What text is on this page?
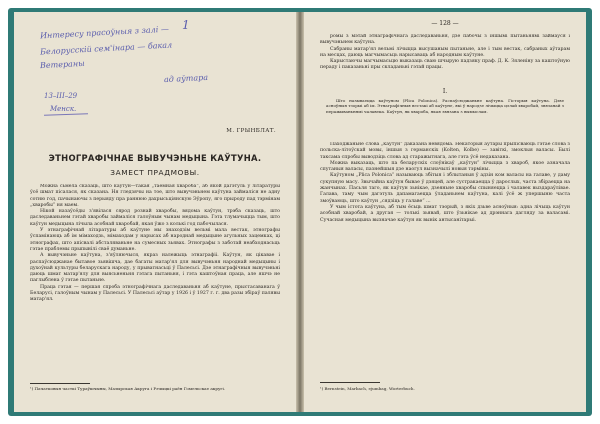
1
Интересу прасоўныя з залі —
Белорусскій сем'інара — бакал
Ветераны
ад аўтара
13–III–29
Менск.
М. ГРЫНБЛАТ.
ЭТНОГРАФІЧНАЕ ВЫВУЧЭНЬНЕ КАЎТУНА.
ЗАМЕСТ ПРАДМОВЫ.

Можна сьмела сказаць, што каўтун—такая „таёмная хвароба“, аб якой дагэтуль у літаратуры ўсё шмат пісалася, як сказана. Ня гледзячы на тое, што вывучэньнем каўтуна займаліся не адну сотню год, пачынаючы з перыяду пра раннюю дахрысьціянскую Эўропу, яго прыроду пад тэрмінам „хваробы“ ня маем.

Нікой назаўсёды з'явілася сярод рознай хваробы, вядома каўтун, трэба сказаць, што даследаваньнем гэтай хваробы займаліся галоўным чынам медыцына. Гэта тлумачыцца тым, што каўтун медыцына лічыла асобнай хваробай, якая ўжо з колькі год пабочылася.

У этнаграфічнай літаратуры аб каўтуне мы знаходзім вельмі мала вестак, этнографы ўспамінаюць аб ім мімаходзь, мімаходам у нарысах аб народнай медыцыне агульных зацемках, ці этнографах, што апісвалі абсталяваньне на сумесных зьявах. Этнографы з заботай неабходнасьць гэтае праблемы прыпынілі сваё думаньне.

А вывучэньне каўтуна, з'яўляючыся, якраз належыць этнаграфіі. Каўтун, як цікавае і распаўсюджанае бытавое зьявішча, дае багаты матар'ял для вывучэньня народнай медыцыны і духоўнай культуры беларускага народу, у прыватнасьці ў Палесьсі. Дзе этнаграфічныя вывучэньні даюць шмат матар'ялу для выясьненьня гэтага пытаньня, і гэта каштоўная праца, але яшчэ не паглыблена ў гэтае пытаньне.

Праца гэтая — першая спроба этнографічнага даследаваньня аб каўтуне, прыстасаванага ў Беларусі, галоўным чынам у Палесьсі. У Палесьсі аўтар у 1926 і ў 1927 г. г. два разы збіраў палявы матар'ял.

¹) Пачатковыя часткі Тураўшчыны, Мазырская Акруга і Рэчыцкі раён Гомельскае акругі.
— 128 —

ромы з мэтай этнаграфічнага даследаваньня, дзе пабочы з іншымі пытаньнямі займаўся і вывучэньнем каўтуна.

Сабраны матар'ял вельмі лічыцца высушаным пытаньне, але і тым вестак, сабраных аўтарам на месцах, даюць магчымасьць нарысаваць аб народным каўтуне.

Карыстаючы магчымасьцю выказаць сваю шчырую падзяку праф. Д. К. Зяленіну за каштоўную пераду і паказаньні пры складаньні гэтай працы.

I.

Што называецца каўтуном (Plica Polonica). Распаўсюджаньне каўтуна. Гісторыя каўтуна. Дзве асноўныя тэорыі аб ім. Этнаграфічныя вестакі аб каўтуне, які ў народзе лічыцца цэлай хваробай, звязанай з перажываньнямі чалавека. Каўтун, як хвароба, якая звязана з вымыслам.

Паходжаньне слова „каўтун“ даказана невядома. Некаторыя аўтары прыпісваюць гэтае слова з польска-літоўскай мовы, іншыя з германскіх (Kolten, Kolbe) — завіткі, змоклыя валасы. Былі таксама спробы выводзіць слова ад старажытнага, але гэта ўсё недаказана.

Можна выказаць, што па беларускіх слоўнікаў „каўтун“ лічыцца з хвароб, якое азначала спутаныя валасы, пазнейшыя дзе наогул вызначылі новыя тэрміны.

Каўтуном „Plica Polonica“ называюць збітыя і зблытаныя ў адзін ком валасы на галаве, у даму сукупную масу. Звычайна каўтун бывае ў дзяцей, але сустракаецца ў дарослых, часта збіраецца на жанчынах. Пасьля таго, як каўтун зьнікае, дзеяньне хваробы спыняецца і чалавек выздараўлівае. Галава, таму чым дагэтуль дапамагаецца ўладаньнем каўтуна, калі ўсё ж упершыню часта змоўваюць, што каўтун „сядзіць у галаве“ ...

У чым істота каўтуна, аб тым ёсьць шмат тэорый, з якіх дзьве асноўныя: адна лічыць каўтун асобнай хваробай, а другая — толькі зьявай, што ўзьнікае ад дрэннага дагляду за валасамі. Сучасная медыцына вызначае каўтун як вынік антысанітарыі.

¹) Bernstein, Marbach, ejumbag, Worterbuch.
